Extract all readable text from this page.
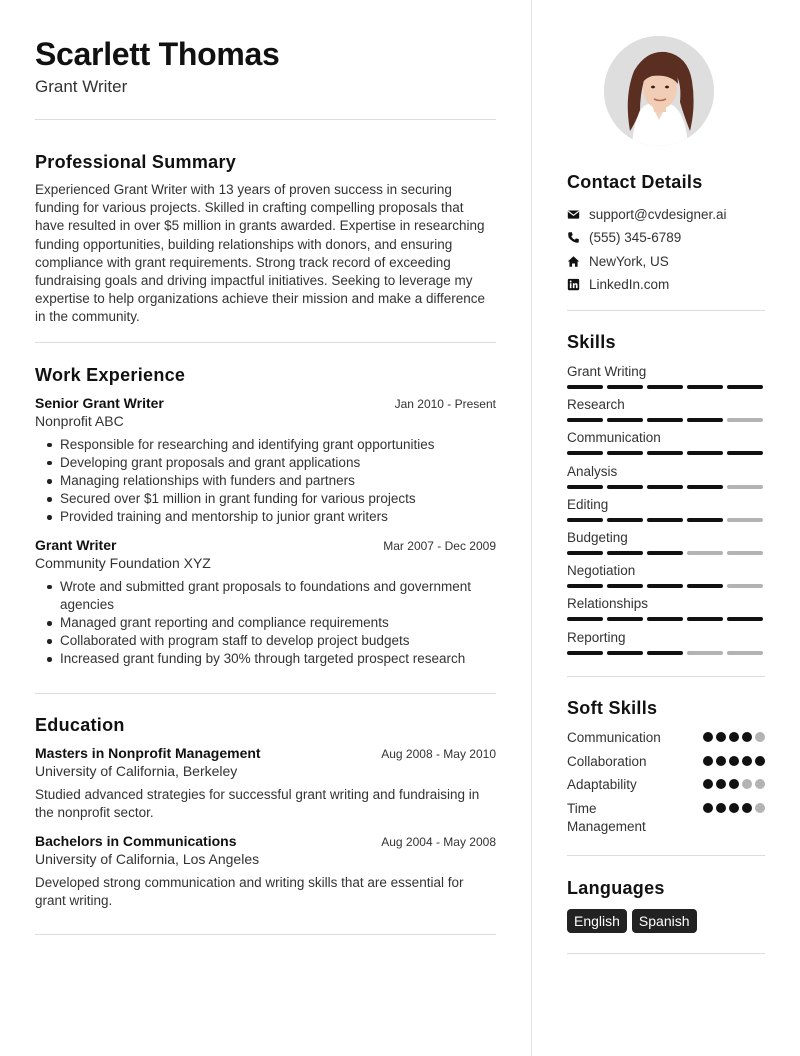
Scarlett Thomas
Grant Writer
Professional Summary
Experienced Grant Writer with 13 years of proven success in securing funding for various projects. Skilled in crafting compelling proposals that have resulted in over $5 million in grants awarded. Expertise in researching funding opportunities, building relationships with donors, and ensuring compliance with grant requirements. Strong track record of exceeding fundraising goals and driving impactful initiatives. Seeking to leverage my expertise to help organizations achieve their mission and make a difference in the community.
Work Experience
Senior Grant Writer	Jan 2010 - Present
Nonprofit ABC
Responsible for researching and identifying grant opportunities
Developing grant proposals and grant applications
Managing relationships with funders and partners
Secured over $1 million in grant funding for various projects
Provided training and mentorship to junior grant writers
Grant Writer	Mar 2007 - Dec 2009
Community Foundation XYZ
Wrote and submitted grant proposals to foundations and government agencies
Managed grant reporting and compliance requirements
Collaborated with program staff to develop project budgets
Increased grant funding by 30% through targeted prospect research
Education
Masters in Nonprofit Management	Aug 2008 - May 2010
University of California, Berkeley
Studied advanced strategies for successful grant writing and fundraising in the nonprofit sector.
Bachelors in Communications	Aug 2004 - May 2008
University of California, Los Angeles
Developed strong communication and writing skills that are essential for grant writing.
Contact Details
support@cvdesigner.ai
(555) 345-6789
NewYork, US
LinkedIn.com
Skills
Grant Writing
Research
Communication
Analysis
Editing
Budgeting
Negotiation
Relationships
Reporting
Soft Skills
Communication
Collaboration
Adaptability
Time Management
Languages
English	Spanish
